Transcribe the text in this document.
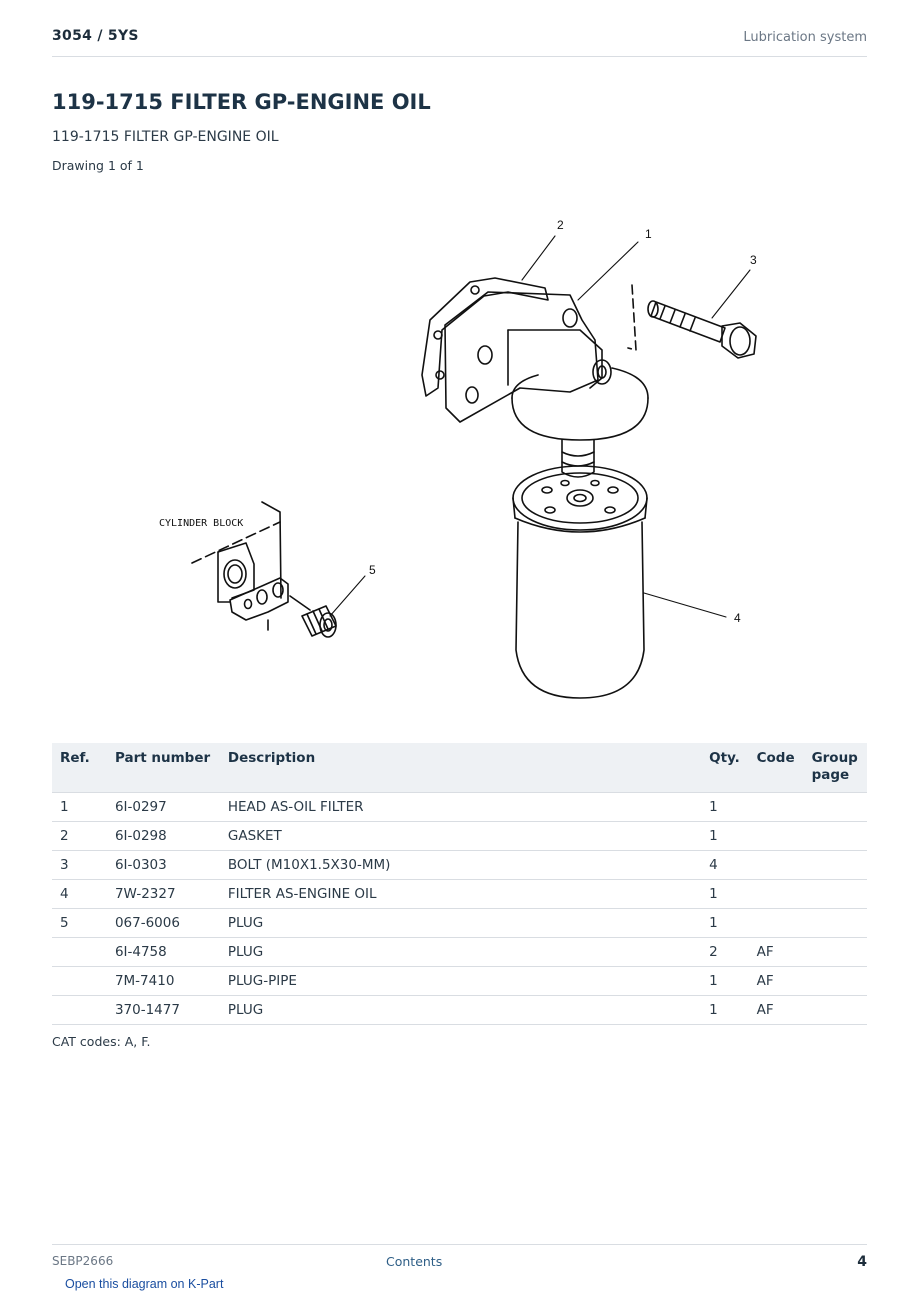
3054 / 5YS	Lubrication system
119-1715 FILTER GP-ENGINE OIL
119-1715 FILTER GP-ENGINE OIL
Drawing 1 of 1
2
1
3
4
5
CYLINDER BLOCK
Ref.	Part number	Description	Qty.	Code	Group page
1	6I-0297	HEAD AS-OIL FILTER	1		
2	6I-0298	GASKET	1		
3	6I-0303	BOLT (M10X1.5X30-MM)	4		
4	7W-2327	FILTER AS-ENGINE OIL	1		
5	067-6006	PLUG	1		
	6I-4758	PLUG	2	AF	
	7M-7410	PLUG-PIPE	1	AF	
	370-1477	PLUG	1	AF	
CAT codes: A, F.
SEBP2666	Contents	4
Open this diagram on K-Part
